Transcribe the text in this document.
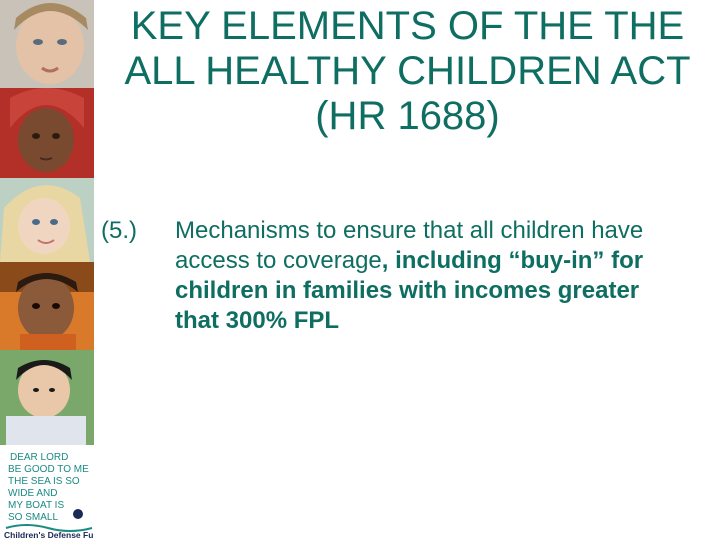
DEAR LORD
BE GOOD TO ME
THE SEA IS SO
WIDE AND
MY BOAT IS
SO SMALL
Children's Defense Fund
KEY ELEMENTS OF THE THE
ALL HEALTHY CHILDREN ACT
(HR 1688)
(5.) Mechanisms to ensure that all children have access to coverage, including “buy-in” for children in families with incomes greater that 300% FPL
